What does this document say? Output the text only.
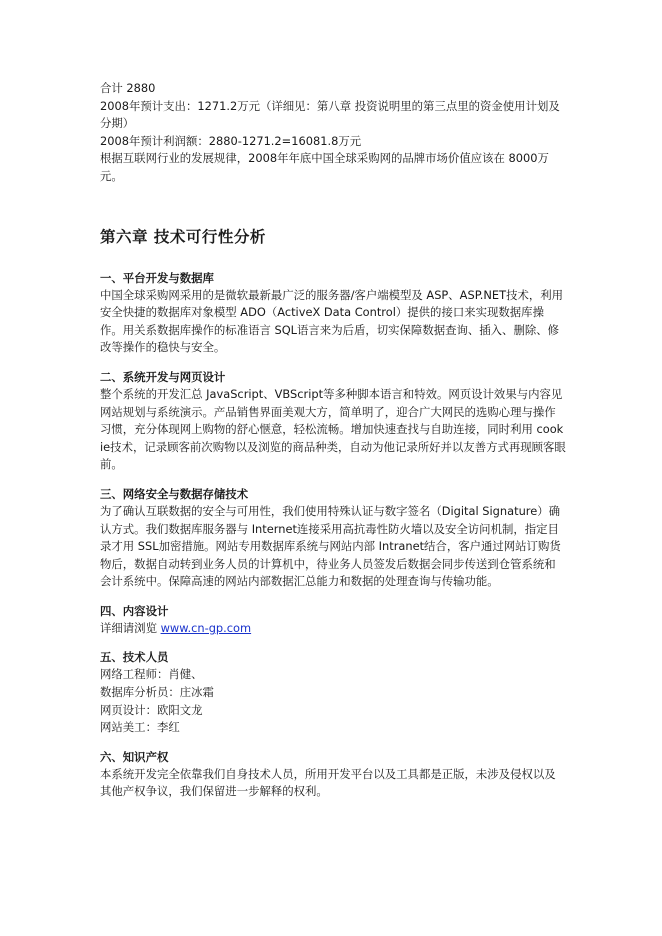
合计 2880

2008年预计支出：1271.2万元（详细见：第八章 投资说明里的第三点里的资金使用计划及分期）

2008年预计利润额：2880-1271.2=16081.8万元

根据互联网行业的发展规律，2008年年底中国全球采购网的品牌市场价值应该在 8000万元。

第六章 技术可行性分析

一、平台开发与数据库

中国全球采购网采用的是微软最新最广泛的服务器/客户端模型及 ASP、ASP.NET技术，利用安全快捷的数据库对象模型 ADO（ActiveX Data Control）提供的接口来实现数据库操作。用关系数据库操作的标准语言 SQL语言来为后盾，切实保障数据查询、插入、删除、修改等操作的稳快与安全。

二、系统开发与网页设计

整个系统的开发汇总 JavaScript、VBScript等多种脚本语言和特效。网页设计效果与内容见网站规划与系统演示。产品销售界面美观大方，简单明了，迎合广大网民的选购心理与操作习惯，充分体现网上购物的舒心惬意，轻松流畅。增加快速查找与自助连接，同时利用 cookie技术，记录顾客前次购物以及浏览的商品种类，自动为他记录所好并以友善方式再现顾客眼前。

三、网络安全与数据存储技术

为了确认互联数据的安全与可用性，我们使用特殊认证与数字签名（Digital Signature）确认方式。我们数据库服务器与 Internet连接采用高抗毒性防火墙以及安全访问机制，指定目录才用 SSL加密措施。网站专用数据库系统与网站内部 Intranet结合，客户通过网站订购货物后，数据自动转到业务人员的计算机中，待业务人员签发后数据会同步传送到仓管系统和会计系统中。保障高速的网站内部数据汇总能力和数据的处理查询与传输功能。

四、内容设计

详细请浏览 www.cn-gp.com

五、技术人员

网络工程师：肖健、

数据库分析员：庄冰霜

网页设计：欧阳文龙

网站美工：李红

六、知识产权

本系统开发完全依靠我们自身技术人员，所用开发平台以及工具都是正版，未涉及侵权以及其他产权争议，我们保留进一步解释的权利。
